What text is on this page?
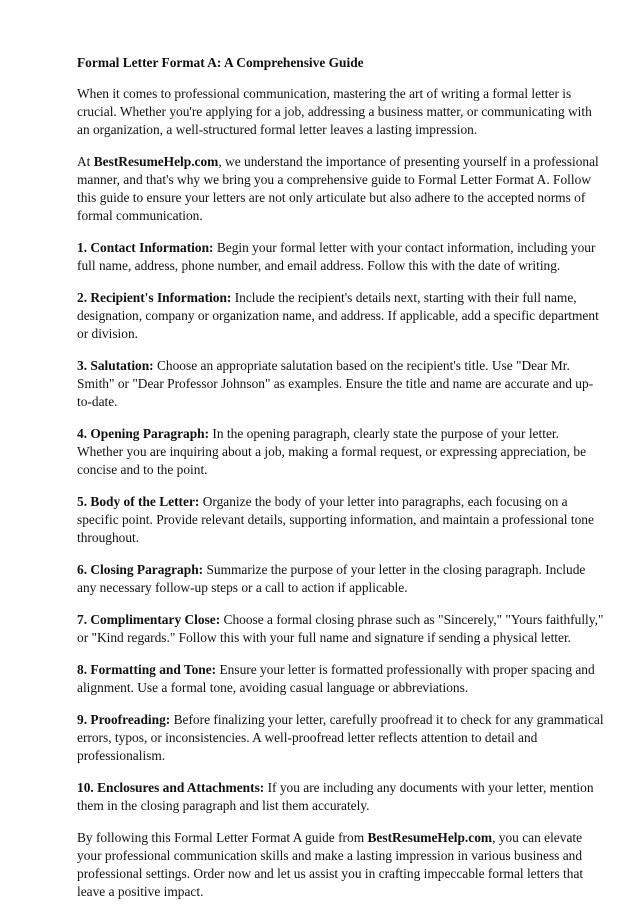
Formal Letter Format A: A Comprehensive Guide

When it comes to professional communication, mastering the art of writing a formal letter is crucial. Whether you're applying for a job, addressing a business matter, or communicating with an organization, a well-structured formal letter leaves a lasting impression.

At BestResumeHelp.com, we understand the importance of presenting yourself in a professional manner, and that's why we bring you a comprehensive guide to Formal Letter Format A. Follow this guide to ensure your letters are not only articulate but also adhere to the accepted norms of formal communication.

1. Contact Information: Begin your formal letter with your contact information, including your full name, address, phone number, and email address. Follow this with the date of writing.

2. Recipient's Information: Include the recipient's details next, starting with their full name, designation, company or organization name, and address. If applicable, add a specific department or division.

3. Salutation: Choose an appropriate salutation based on the recipient's title. Use "Dear Mr. Smith" or "Dear Professor Johnson" as examples. Ensure the title and name are accurate and up-to-date.

4. Opening Paragraph: In the opening paragraph, clearly state the purpose of your letter. Whether you are inquiring about a job, making a formal request, or expressing appreciation, be concise and to the point.

5. Body of the Letter: Organize the body of your letter into paragraphs, each focusing on a specific point. Provide relevant details, supporting information, and maintain a professional tone throughout.

6. Closing Paragraph: Summarize the purpose of your letter in the closing paragraph. Include any necessary follow-up steps or a call to action if applicable.

7. Complimentary Close: Choose a formal closing phrase such as "Sincerely," "Yours faithfully," or "Kind regards." Follow this with your full name and signature if sending a physical letter.

8. Formatting and Tone: Ensure your letter is formatted professionally with proper spacing and alignment. Use a formal tone, avoiding casual language or abbreviations.

9. Proofreading: Before finalizing your letter, carefully proofread it to check for any grammatical errors, typos, or inconsistencies. A well-proofread letter reflects attention to detail and professionalism.

10. Enclosures and Attachments: If you are including any documents with your letter, mention them in the closing paragraph and list them accurately.

By following this Formal Letter Format A guide from BestResumeHelp.com, you can elevate your professional communication skills and make a lasting impression in various business and professional settings. Order now and let us assist you in crafting impeccable formal letters that leave a positive impact.
